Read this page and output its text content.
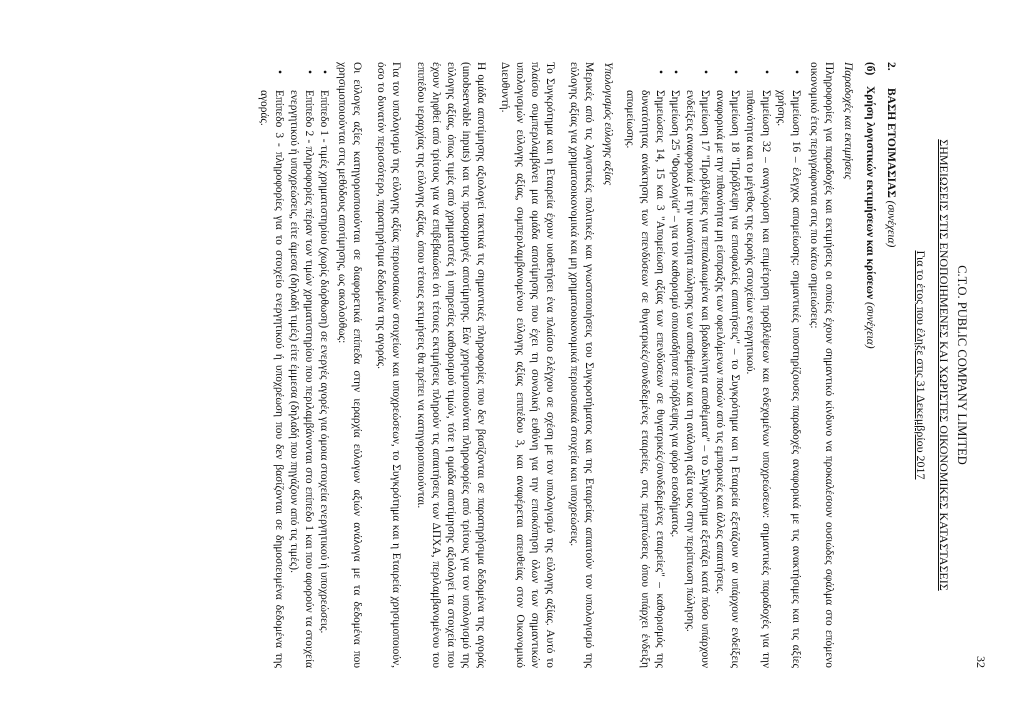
32
C.T.O. PUBLIC COMPANY LIMITED
ΣΗΜΕΙΩΣΕΙΣ ΣΤΙΣ ΕΝΟΠΟΙΗΜΕΝΕΣ ΚΑΙ ΧΩΡΙΣΤΕΣ ΟΙΚΟΝΟΜΙΚΕΣ ΚΑΤΑΣΤΑΣΕΙΣ
Για το έτος που έληξε στις 31 Δεκεμβρίου 2017
2.
ΒΑΣΗ ΕΤΟΙΜΑΣΙΑΣ (συνέχεια)
(б)
Χρήση λογιστικών εκτιμήσεων και κρίσεων (συνέχεια)
Παραδοχές και εκτιμήσεις

Πληροφορίες για παραδοχές και εκτιμήσεις οι οποίες έχουν σημαντικό κίνδυνο να προκαλέσουν ουσιώδες σφάλμα στο επόμενο οικονομικό έτος περιγράφονται στις πιο κάτω σημειώσεις:

• Σημείωση 16 – έλεγχος απομείωσης: σημαντικές υποστηρίζουσες παραδοχές αναφορικά με τις ανακτήσιμες και τις αξίες χρήσης.
• Σημείωση 32 – αναγνώριση και επιμέτρηση προβλέψεων και ενδεχομένων υποχρεώσεων: σημαντικές παραδοχές για την πιθανότητα και το μέγεθος της εκροής στοιχείων ενεργητικού.
• Σημείωση 18 "Πρόβλεψη για επισφαλείς απαιτήσεις" – το Συγκρότημα και η Εταιρεία εξετάζουν αν υπάρχουν ενδείξεις αναφορικά με την πιθανότητα μη είσπραξης των οφειλόμενων ποσών από τις εμπορικές και άλλες απαιτήσεις.
• Σημείωση 17 "Προβλέψεις για πεπαλαιωμένα και βραδυκίνητα αποθέματα" – το Συγκρότημα εξετάζει κατά πόσο υπάρχουν ενδείξεις αναφορικά με την ικανότητα πώλησης των αποθεμάτων και τη ανάλογη αξία τους στην περίπτωση πώλησης.
• Σημείωση 25 "Φορολογία" – για τον καθορισμό οποιασδήποτε πρόβλεψης για φόρο εισοδήματος.
• Σημειώσεις 14, 15 και 3 "Απομείωση αξίας των επενδύσεων σε θυγατρικές/συνδεδεμένες εταιρείες" – καθορισμός της δυνατότητας ανάκτησης των επενδύσεων σε θυγατρικές/συνδεδεμένες εταιρείες, στις περιπτώσεις όπου υπάρχει ένδειξη απομείωσης.
Υπολογισμός εύλογης αξίας

Μερικές από τις λογιστικές πολιτικές και γνωστοποιήσεις του Συγκροτήματος και της Εταιρείας απαιτούν τον υπολογισμό της εύλογης αξίας για χρηματοοικονομικά και μη χρηματοοικονομικά περιουσιακά στοιχεία και υποχρεώσεις.

Το Συγκρότημα και η Εταιρεία έχουν υιοθετήσει ένα πλαίσιο ελέγχου σε σχέση με τον υπολογισμό της εύλογης αξίας. Αυτό το πλαίσιο συμπεριλαμβάνει μια ομάδα αποτίμησης που έχει τη συνολική ευθύνη για την επισκόπηση όλων των σημαντικών υπολογισμών εύλογης αξίας, συμπεριλαμβανομένου εύλογης αξίας επιπέδου 3, και αναφέρεται απευθείας στον Οικονομικό Διευθυντή.

Η ομάδα αποτίμησης αξιολογεί τακτικά τις σημαντικές πληροφορίες που δεν βασίζονται σε παρατηρήσιμα δεδομένα της αγοράς (unobservable inputs) και τις προσαρμογές αποτίμησης. Εάν χρησιμοποιούνται πληροφορίες από τρίτους για τον υπολογισμό της εύλογης αξίας, όπως τιμές από χρηματιστές ή υπηρεσίες καθορισμού τιμών, τότε η ομάδα αποτίμησης αξιολογεί τα στοιχεία που έχουν ληφθεί από τρίτους για να επιβεβαιώσει ότι τέτοιες εκτιμήσεις πληρούν τις απαιτήσεις των ΔΠΧΑ, περιλαμβανομένου του επιπέδου ιεραρχίας της εύλογης αξίας, όπου τέτοιες εκτιμήσεις θα πρέπει να κατηγοριοποιούνται.

Για τον υπολογισμό της εύλογης αξίας περιουσιακών στοιχείων και υποχρεώσεων, το Συγκρότημα και η Εταιρεία χρησιμοποιούν, όσο το δυνατόν περισσότερο, παρατηρήσιμα δεδομένα της αγοράς.

Οι εύλογες αξίες κατηγοριοποιούνται σε διαφορετικά επίπεδα στην ιεραρχία εύλογων αξιών ανάλογα με τα δεδομένα που χρησιμοποιούνται στις μεθόδους αποτίμησης, ως ακολούθως:

• Επίπεδο 1 - τιμές χρηματιστηρίου (χωρίς διόρθωση) σε ενεργές αγορές για όμοια στοιχεία ενεργητικού ή υποχρεώσεις.
• Επίπεδο 2 - πληροφορίες πέραν των τιμών χρηματιστηρίου που περιλαμβάνονται στο επίπεδο 1 και που αφορούν τα στοιχεία ενεργητικού ή υποχρεώσεις, είτε άμεσα (δηλαδή τιμές) είτε έμμεσα (δηλαδή που πηγάζουν από τις τιμές).
• Επίπεδο 3 - πληροφορίες για το στοιχείο ενεργητικού ή υποχρέωση που δεν βασίζονται σε δημοσιευμένα δεδομένα της αγοράς.
